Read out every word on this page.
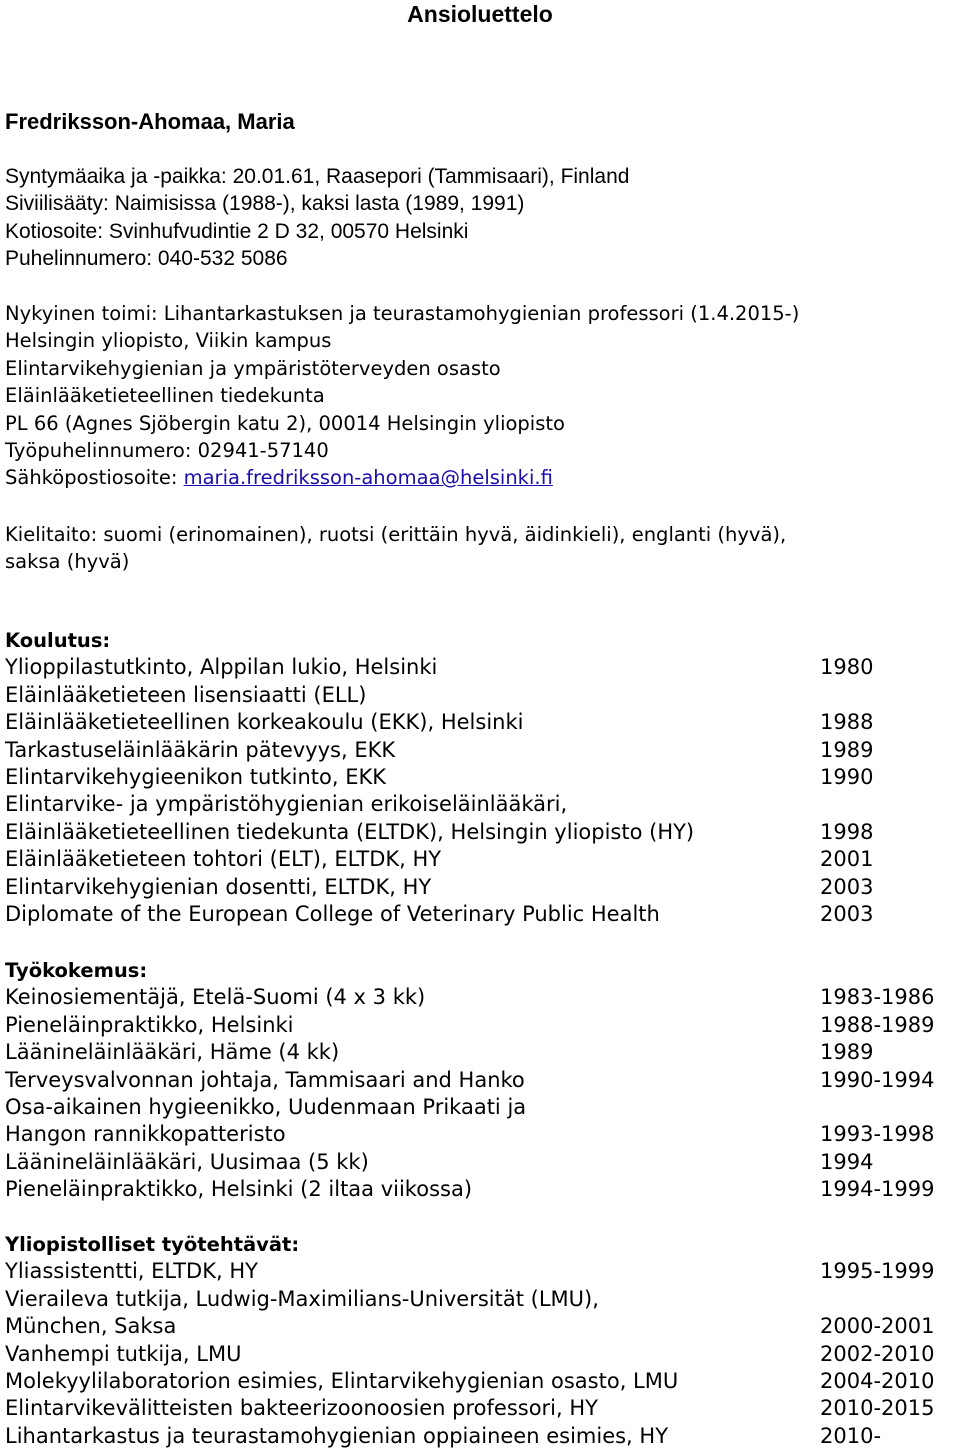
Ansioluettelo
Fredriksson-Ahomaa, Maria
Syntymäaika ja -paikka: 20.01.61, Raasepori (Tammisaari), Finland
Siviilisääty: Naimisissa (1988-), kaksi lasta (1989, 1991)
Kotiosoite: Svinhufvudintie 2 D 32, 00570 Helsinki
Puhelinnumero: 040-532 5086
Nykyinen toimi: Lihantarkastuksen ja teurastamohygienian professori (1.4.2015-)
Helsingin yliopisto, Viikin kampus
Elintarvikehygienian ja ympäristöterveyden osasto
Eläinlääketieteellinen tiedekunta
PL 66 (Agnes Sjöbergin katu 2), 00014 Helsingin yliopisto
Työpuhelinnumero: 02941-57140
Sähköpostiosoite: maria.fredriksson-ahomaa@helsinki.fi
Kielitaito: suomi (erinomainen), ruotsi (erittäin hyvä, äidinkieli), englanti (hyvä),
saksa (hyvä)
Koulutus:
Ylioppilastutkinto, Alppilan lukio, Helsinki	1980
Eläinlääketieteen lisensiaatti (ELL)
Eläinlääketieteellinen korkeakoulu (EKK), Helsinki	1988
Tarkastuseläinlääkärin pätevyys, EKK	1989
Elintarvikehygieenikon tutkinto, EKK	1990
Elintarvike- ja ympäristöhygienian erikoiseläinlääkäri,
Eläinlääketieteellinen tiedekunta (ELTDK), Helsingin yliopisto (HY)	1998
Eläinlääketieteen tohtori (ELT), ELTDK, HY	2001
Elintarvikehygienian dosentti, ELTDK, HY	2003
Diplomate of the European College of Veterinary Public Health	2003
Työkokemus:
Keinosiementäjä, Etelä-Suomi (4 x 3 kk)	1983-1986
Pieneläinpraktikko, Helsinki	1988-1989
Läänineläinlääkäri, Häme (4 kk)	1989
Terveysvalvonnan johtaja, Tammisaari and Hanko	1990-1994
Osa-aikainen hygieenikko, Uudenmaan Prikaati ja
Hangon rannikkopatteristo	1993-1998
Läänineläinlääkäri, Uusimaa (5 kk)	1994
Pieneläinpraktikko, Helsinki (2 iltaa viikossa)	1994-1999
Yliopistolliset työtehtävät:
Yliassistentti, ELTDK, HY	1995-1999
Vieraileva tutkija, Ludwig-Maximilians-Universität (LMU),
München, Saksa	2000-2001
Vanhempi tutkija, LMU	2002-2010
Molekyylilaboratorion esimies, Elintarvikehygienian osasto, LMU	2004-2010
Elintarvikevälitteisten bakteerizoonoosien professori, HY	2010-2015
Lihantarkastus ja teurastamohygienian oppiaineen esimies, HY	2010-
